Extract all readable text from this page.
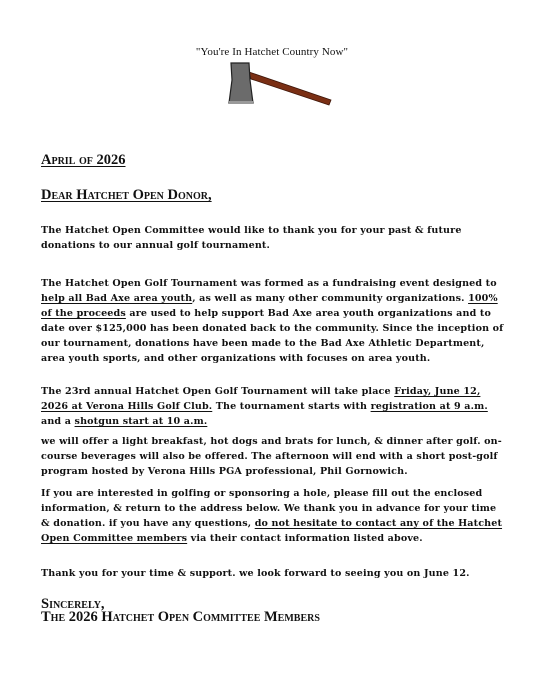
"You're In Hatchet Country Now"

April of 2026

Dear Hatchet Open Donor,

The Hatchet Open Committee would like to thank you for your past & future donations to our annual golf tournament.

The Hatchet Open Golf Tournament was formed as a fundraising event designed to help all Bad Axe area youth, as well as many other community organizations. 100% of the proceeds are used to help support Bad Axe area youth organizations and to date over $125,000 has been donated back to the community. Since the inception of our tournament, donations have been made to the Bad Axe Athletic Department, area youth sports, and other organizations with focuses on area youth.

The 23rd annual Hatchet Open Golf Tournament will take place Friday, June 12, 2026 at Verona Hills Golf Club. The tournament starts with registration at 9 a.m. and a shotgun start at 10 a.m.

we will offer a light breakfast, hot dogs and brats for lunch, & dinner after golf. on-course beverages will also be offered. The afternoon will end with a short post-golf program hosted by Verona Hills PGA professional, Phil Gornowich.

If you are interested in golfing or sponsoring a hole, please fill out the enclosed information, & return to the address below. We thank you in advance for your time & donation. if you have any questions, do not hesitate to contact any of the Hatchet Open Committee members via their contact information listed above.

Thank you for your time & support. we look forward to seeing you on June 12.

Sincerely,

The 2026 Hatchet Open Committee Members
